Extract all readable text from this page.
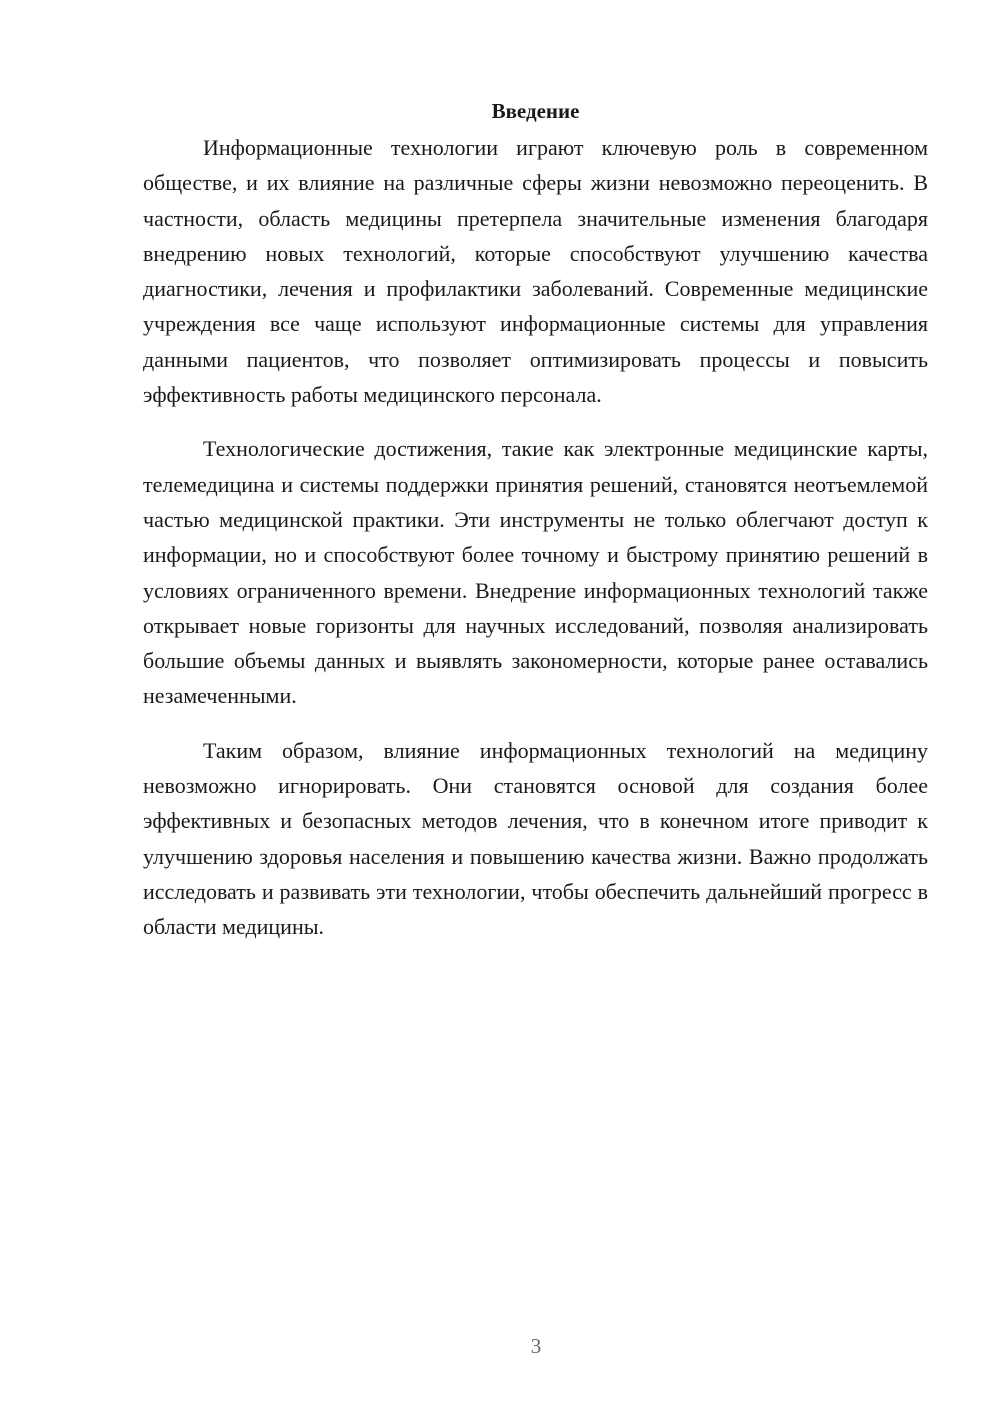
Введение

Информационные технологии играют ключевую роль в современном обществе, и их влияние на различные сферы жизни невозможно переоценить. В частности, область медицины претерпела значительные изменения благодаря внедрению новых технологий, которые способствуют улучшению качества диагностики, лечения и профилактики заболеваний. Современные медицинские учреждения все чаще используют информационные системы для управления данными пациентов, что позволяет оптимизировать процессы и повысить эффективность работы медицинского персонала.

Технологические достижения, такие как электронные медицинские карты, телемедицина и системы поддержки принятия решений, становятся неотъемлемой частью медицинской практики. Эти инструменты не только облегчают доступ к информации, но и способствуют более точному и быстрому принятию решений в условиях ограниченного времени. Внедрение информационных технологий также открывает новые горизонты для научных исследований, позволяя анализировать большие объемы данных и выявлять закономерности, которые ранее оставались незамеченными.

Таким образом, влияние информационных технологий на медицину невозможно игнорировать. Они становятся основой для создания более эффективных и безопасных методов лечения, что в конечном итоге приводит к улучшению здоровья населения и повышению качества жизни. Важно продолжать исследовать и развивать эти технологии, чтобы обеспечить дальнейший прогресс в области медицины.

3
